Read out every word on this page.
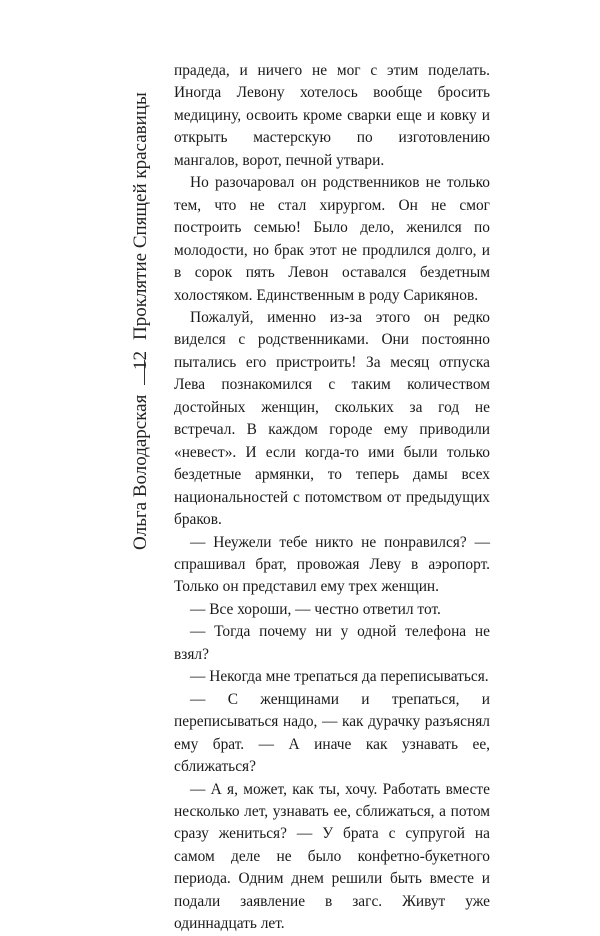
Ольга Володарская
12
Проклятие Спящей красавицы

прадеда, и ничего не мог с этим поделать. Иногда Левону хотелось вообще бросить медицину, освоить кроме сварки еще и ковку и открыть мастерскую по изготовлению мангалов, ворот, печной утвари.

Но разочаровал он родственников не только тем, что не стал хирургом. Он не смог построить семью! Было дело, женился по молодости, но брак этот не продлился долго, и в сорок пять Левон оставался бездетным холостяком. Единственным в роду Сарикянов.

Пожалуй, именно из-за этого он редко виделся с родственниками. Они постоянно пытались его пристроить! За месяц отпуска Лева познакомился с таким количеством достойных женщин, скольких за год не встречал. В каждом городе ему приводили «невест». И если когда-то ими были только бездетные армянки, то теперь дамы всех национальностей с потомством от предыдущих браков.

— Неужели тебе никто не понравился? — спрашивал брат, провожая Леву в аэропорт. Только он представил ему трех женщин.

— Все хороши, — честно ответил тот.

— Тогда почему ни у одной телефона не взял?

— Некогда мне трепаться да переписываться.

— С женщинами и трепаться, и переписываться надо, — как дурачку разъяснял ему брат. — А иначе как узнавать ее, сближаться?

— А я, может, как ты, хочу. Работать вместе несколько лет, узнавать ее, сближаться, а потом сразу жениться? — У брата с супругой на самом деле не было конфетно-букетного периода. Одним днем решили быть вместе и подали заявление в загс. Живут уже одиннадцать лет.
